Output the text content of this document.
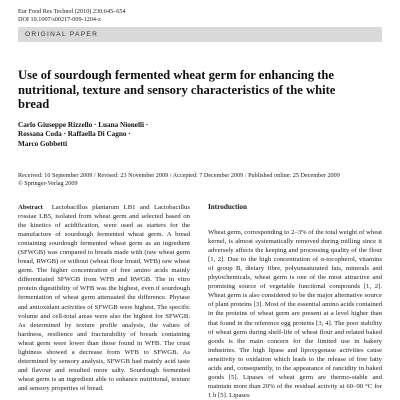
Eur Food Res Technol (2010) 230:645–654
DOI 10.1007/s00217-009-1204-z
ORIGINAL PAPER
Use of sourdough fermented wheat germ for enhancing the nutritional, texture and sensory characteristics of the white bread
Carlo Giuseppe Rizzello · Luana Nionelli ·
Rossana Coda · Raffaella Di Cagno ·
Marco Gobbetti
Received: 10 September 2009 / Revised: 23 November 2009 / Accepted: 7 December 2009 / Published online: 25 December 2009
© Springer-Verlag 2009

Abstract Lactobacillus plantarum LB1 and Lactobacillus rossiae LB5, isolated from wheat germ and selected based on the kinetics of acidification, were used as starters for the manufacture of sourdough fermented wheat germ. A bread containing sourdough fermented wheat germ as an ingredient (SFWGB) was compared to breads made with (raw wheat germ bread, RWGB) or without (wheat flour bread, WFB) raw wheat germ. The higher concentration of free amino acids mainly differentiated SFWGB from WFB and RWGB. The in vitro protein digestibility of WFB was the highest, even if sourdough fermentation of wheat germ attenuated the difference. Phytase and antioxidant activities of SFWGB were highest. The specific volume and cell-total areas were also the highest for SFWGB. As determined by texture profile analysis, the values of hardness, resilience and fracturability of breads containing wheat germ were lower than those found in WFB. The crust lightness showed a decrease from WFB to SFWGB. As determined by sensory analysis, SFWGB had mainly acid taste and flavour and resulted more salty. Sourdough fermented wheat germ is an ingredient able to enhance nutritional, texture and sensory properties of bread.

Introduction

Wheat germ, corresponding to 2–3% of the total weight of wheat kernel, is almost systematically removed during milling since it adversely affects the keeping and processing quality of the flour [1, 2]. Due to the high concentration of α-tocopherol, vitamins of group B, dietary fibre, polyunsaturated fats, minerals and phytochemicals, wheat germ is one of the most attractive and promising source of vegetable functional compounds [1, 2]. Wheat germ is also considered to be the major alternative source of plant proteins [3]. Most of the essential amino acids contained in the proteins of wheat germ are present at a level higher than that found in the reference egg proteins [3, 4]. The poor stability of wheat germ during shelf-life of wheat flour and related baked goods is the main concern for the limited use in bakery industries. The high lipase and lipoxygenase activities cause sensitivity to oxidation which leads to the release of free fatty acids and, consequently, to the appearance of rancidity in baked goods [5]. Lipases of wheat germ are thermo-stable and maintain more than 20% of the residual activity at 60–90 °C for 1 h [5]. Lipases
